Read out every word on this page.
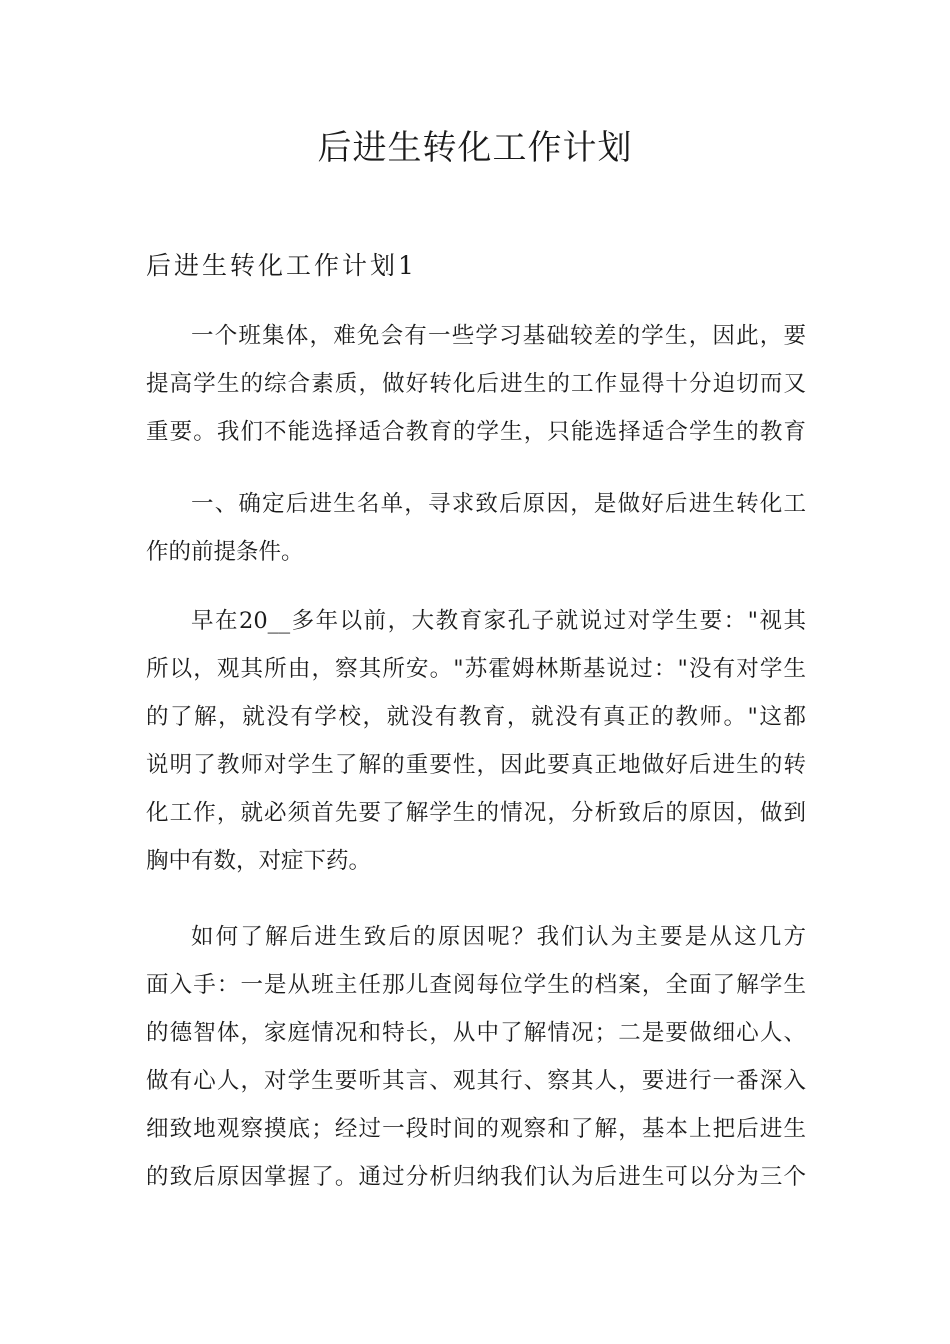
后进生转化工作计划
后进生转化工作计划1

一个班集体，难免会有一些学习基础较差的学生，因此，要
提高学生的综合素质，做好转化后进生的工作显得十分迫切而又
重要。我们不能选择适合教育的学生，只能选择适合学生的教育

一、确定后进生名单，寻求致后原因，是做好后进生转化工
作的前提条件。

早在20__多年以前，大教育家孔子就说过对学生要："视其
所以，观其所由，察其所安。"苏霍姆林斯基说过："没有对学生
的了解，就没有学校，就没有教育，就没有真正的教师。"这都
说明了教师对学生了解的重要性，因此要真正地做好后进生的转
化工作，就必须首先要了解学生的情况，分析致后的原因，做到
胸中有数，对症下药。

如何了解后进生致后的原因呢？我们认为主要是从这几方
面入手：一是从班主任那儿查阅每位学生的档案，全面了解学生
的德智体，家庭情况和特长，从中了解情况；二是要做细心人、
做有心人，对学生要听其言、观其行、察其人，要进行一番深入
细致地观察摸底；经过一段时间的观察和了解，基本上把后进生
的致后原因掌握了。通过分析归纳我们认为后进生可以分为三个
